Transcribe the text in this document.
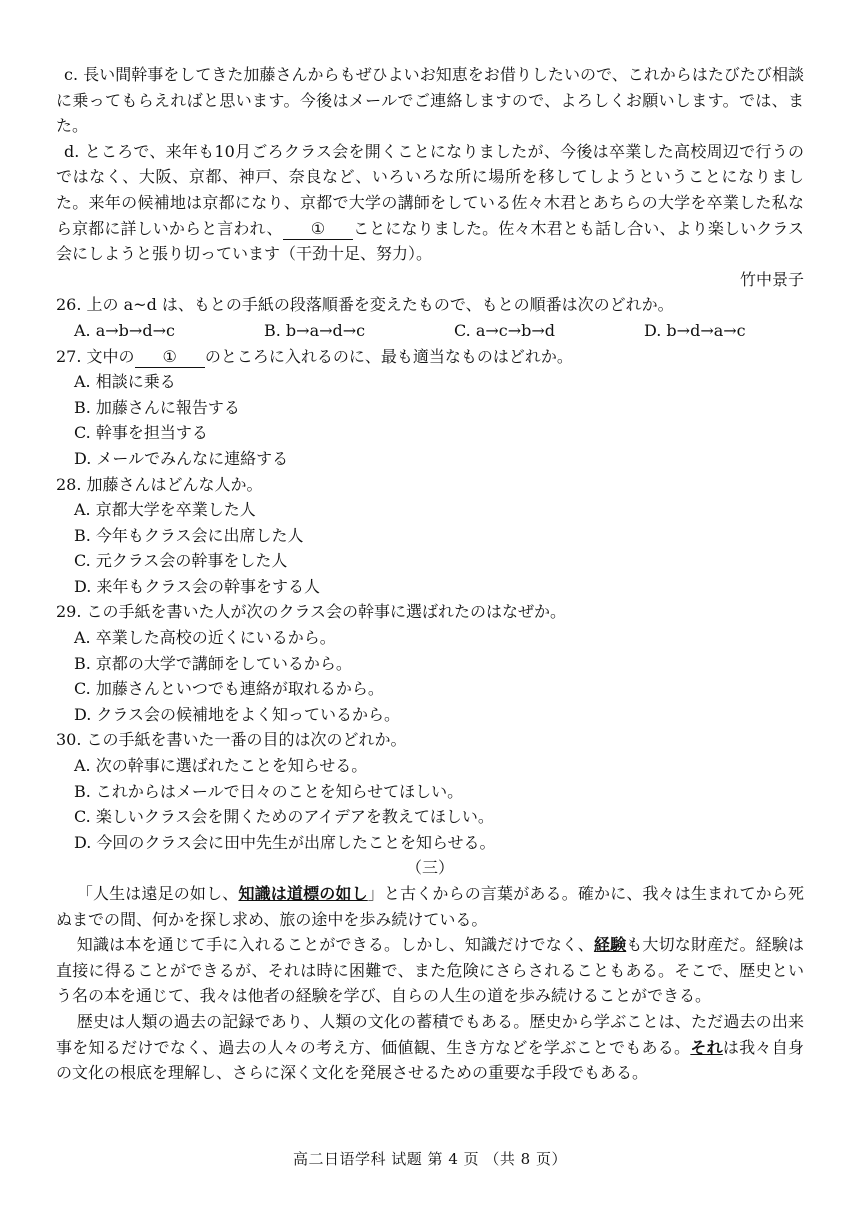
c. 長い間幹事をしてきた加藤さんからもぜひよいお知恵をお借りしたいので、これからはたびたび相談に乗ってもらえればと思います。今後はメールでご連絡しますので、よろしくお願いします。では、また。

d. ところで、来年も10月ごろクラス会を開くことになりましたが、今後は卒業した高校周辺で行うのではなく、大阪、京都、神戸、奈良など、いろいろな所に場所を移してしようということになりました。来年の候補地は京都になり、京都で大学の講師をしている佐々木君とあちらの大学を卒業した私なら京都に詳しいからと言われ、 ① ことになりました。佐々木君とも話し合い、より楽しいクラス会にしようと張り切っています（干劲十足、努力）。

竹中景子

26. 上の a~d は、もとの手紙の段落順番を変えたもので、もとの順番は次のどれか。

A. a→b→d→c	B. b→a→d→c	C. a→c→b→d	D. b→d→a→c

27. 文中の ① のところに入れるのに、最も適当なものはどれか。

A. 相談に乗る

B. 加藤さんに報告する

C. 幹事を担当する

D. メールでみんなに連絡する

28. 加藤さんはどんな人か。

A. 京都大学を卒業した人

B. 今年もクラス会に出席した人

C. 元クラス会の幹事をした人

D. 来年もクラス会の幹事をする人

29. この手紙を書いた人が次のクラス会の幹事に選ばれたのはなぜか。

A. 卒業した高校の近くにいるから。

B. 京都の大学で講師をしているから。

C. 加藤さんといつでも連絡が取れるから。

D. クラス会の候補地をよく知っているから。

30. この手紙を書いた一番の目的は次のどれか。

A. 次の幹事に選ばれたことを知らせる。

B. これからはメールで日々のことを知らせてほしい。

C. 楽しいクラス会を開くためのアイデアを教えてほしい。

D. 今回のクラス会に田中先生が出席したことを知らせる。

（三）

「人生は遠足の如し、知識は道標の如し」と古くからの言葉がある。確かに、我々は生まれてから死ぬまでの間、何かを探し求め、旅の途中を歩み続けている。

知識は本を通じて手に入れることができる。しかし、知識だけでなく、経験も大切な財産だ。経験は直接に得ることができるが、それは時に困難で、また危険にさらされることもある。そこで、歴史という名の本を通じて、我々は他者の経験を学び、自らの人生の道を歩み続けることができる。

歴史は人類の過去の記録であり、人類の文化の蓄積でもある。歴史から学ぶことは、ただ過去の出来事を知るだけでなく、過去の人々の考え方、価値観、生き方などを学ぶことでもある。それは我々自身の文化の根底を理解し、さらに深く文化を発展させるための重要な手段でもある。

高二日语学科 试题 第 4 页 （共 8 页）
